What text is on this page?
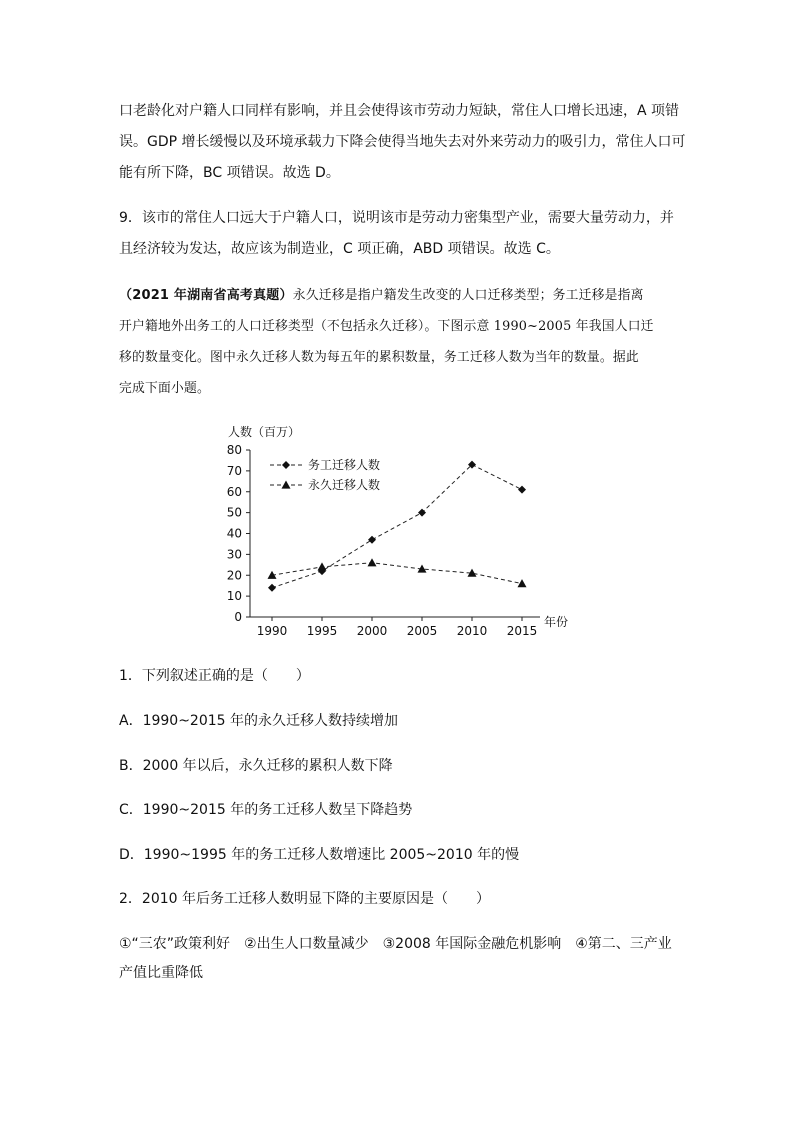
口老龄化对户籍人口同样有影响，并且会使得该市劳动力短缺，常住人口增长迅速，A 项错
误。GDP 增长缓慢以及环境承载力下降会使得当地失去对外来劳动力的吸引力，常住人口可
能有所下降，BC 项错误。故选 D。
9．该市的常住人口远大于户籍人口，说明该市是劳动力密集型产业，需要大量劳动力，并
且经济较为发达，故应该为制造业，C 项正确，ABD 项错误。故选 C。
（2021 年湖南省高考真题）永久迁移是指户籍发生改变的人口迁移类型；务工迁移是指离
开户籍地外出务工的人口迁移类型（不包括永久迁移）。下图示意 1990~2005 年我国人口迁
移的数量变化。图中永久迁移人数为每五年的累积数量，务工迁移人数为当年的数量。据此
完成下面小题。
0
10
20
30
40
50
60
70
80
1990 1995 2000 2005 2010 2015
人数（百万）
年份
务工迁移人数
永久迁移人数

1．下列叙述正确的是（　　）

A．1990~2015 年的永久迁移人数持续增加

B．2000 年以后，永久迁移的累积人数下降

C．1990~2015 年的务工迁移人数呈下降趋势

D．1990~1995 年的务工迁移人数增速比 2005~2010 年的慢

2．2010 年后务工迁移人数明显下降的主要原因是（　　）

①“三农”政策利好　②出生人口数量减少　③2008 年国际金融危机影响　④第二、三产业

产值比重降低
